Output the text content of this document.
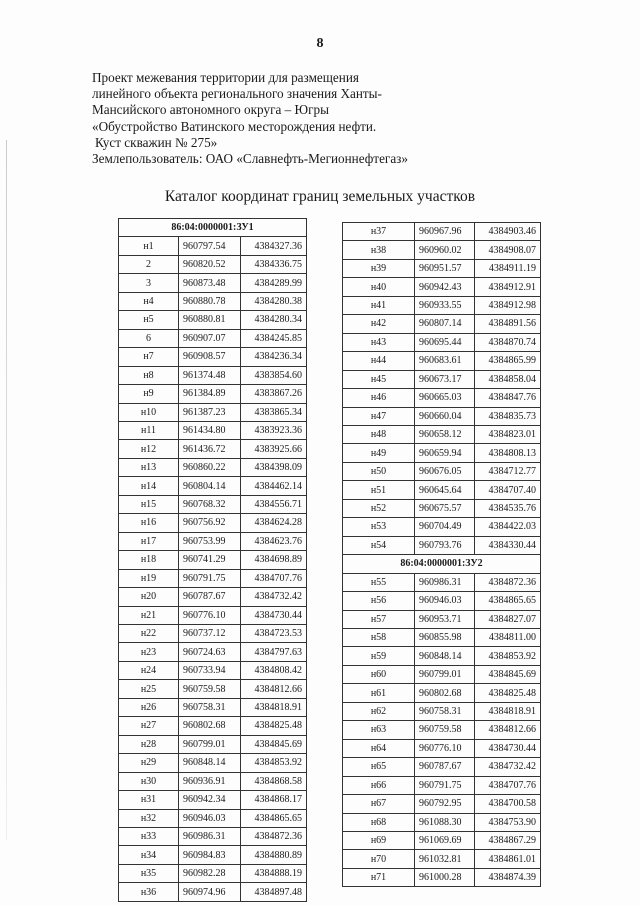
8
Проект межевания территории для размещения
линейного объекта регионального значения Ханты-
Мансийского автономного округа – Югры
«Обустройство Ватинского месторождения нефти.
Куст скважин № 275»
Землепользователь: ОАО «Славнефть-Мегионнефтегаз»
Каталог координат границ земельных участков
86:04:0000001:ЗУ1		
н1	960797.54	4384327.36
2	960820.52	4384336.75
3	960873.48	4384289.99
н4	960880.78	4384280.38
н5	960880.81	4384280.34
6	960907.07	4384245.85
н7	960908.57	4384236.34
н8	961374.48	4383854.60
н9	961384.89	4383867.26
н10	961387.23	4383865.34
н11	961434.80	4383923.36
н12	961436.72	4383925.66
н13	960860.22	4384398.09
н14	960804.14	4384462.14
н15	960768.32	4384556.71
н16	960756.92	4384624.28
н17	960753.99	4384623.76
н18	960741.29	4384698.89
н19	960791.75	4384707.76
н20	960787.67	4384732.42
н21	960776.10	4384730.44
н22	960737.12	4384723.53
н23	960724.63	4384797.63
н24	960733.94	4384808.42
н25	960759.58	4384812.66
н26	960758.31	4384818.91
н27	960802.68	4384825.48
н28	960799.01	4384845.69
н29	960848.14	4384853.92
н30	960936.91	4384868.58
н31	960942.34	4384868.17
н32	960946.03	4384865.65
н33	960986.31	4384872.36
н34	960984.83	4384880.89
н35	960982.28	4384888.19
н36	960974.96	4384897.48
н37	960967.96	4384903.46
н38	960960.02	4384908.07
н39	960951.57	4384911.19
н40	960942.43	4384912.91
н41	960933.55	4384912.98
н42	960807.14	4384891.56
н43	960695.44	4384870.74
н44	960683.61	4384865.99
н45	960673.17	4384858.04
н46	960665.03	4384847.76
н47	960660.04	4384835.73
н48	960658.12	4384823.01
н49	960659.94	4384808.13
н50	960676.05	4384712.77
н51	960645.64	4384707.40
н52	960675.57	4384535.76
н53	960704.49	4384422.03
н54	960793.76	4384330.44
86:04:0000001:ЗУ2		
н55	960986.31	4384872.36
н56	960946.03	4384865.65
н57	960953.71	4384827.07
н58	960855.98	4384811.00
н59	960848.14	4384853.92
н60	960799.01	4384845.69
н61	960802.68	4384825.48
н62	960758.31	4384818.91
н63	960759.58	4384812.66
н64	960776.10	4384730.44
н65	960787.67	4384732.42
н66	960791.75	4384707.76
н67	960792.95	4384700.58
н68	961088.30	4384753.90
н69	961069.69	4384867.29
н70	961032.81	4384861.01
н71	961000.28	4384874.39
